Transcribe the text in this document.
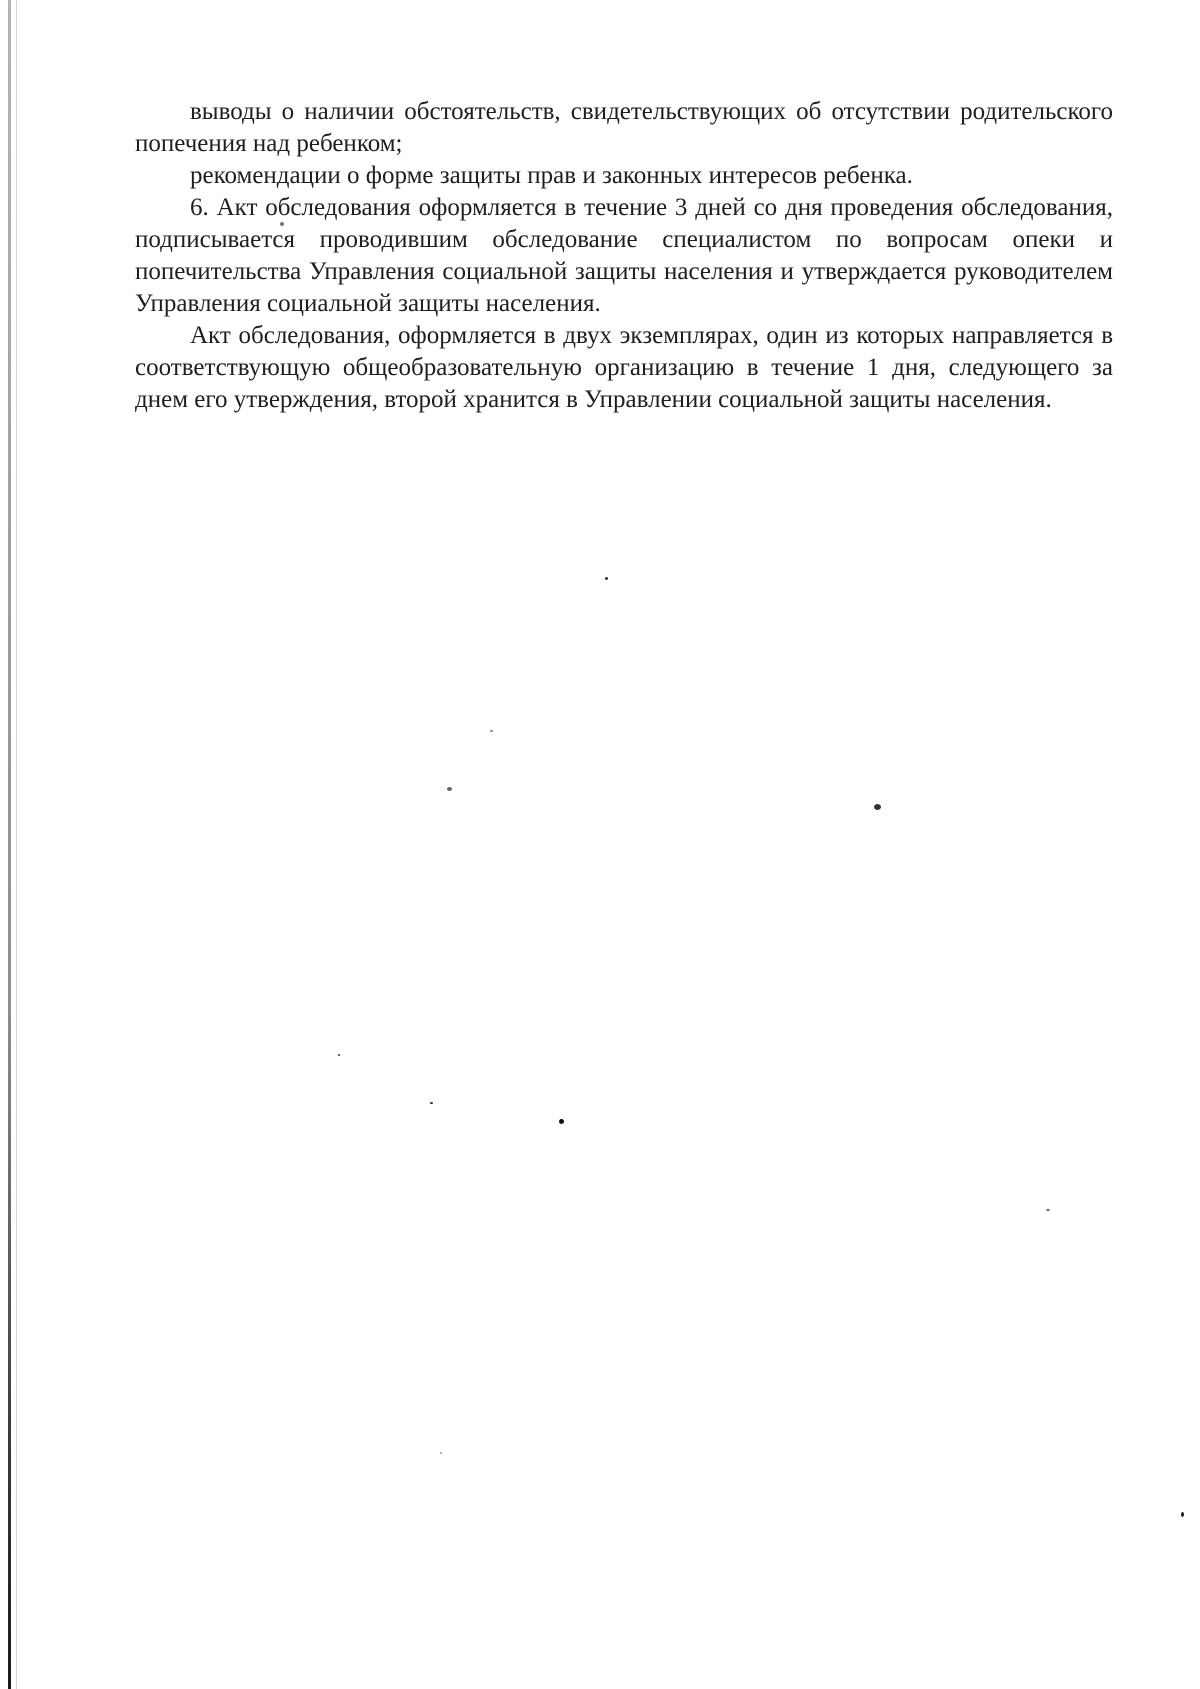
выводы о наличии обстоятельств, свидетельствующих об отсутствии родительского попечения над ребенком;

рекомендации о форме защиты прав и законных интересов ребенка.

6. Акт обследования оформляется в течение 3 дней со дня проведения обследования, подписывается проводившим обследование специалистом по вопросам опеки и попечительства Управления социальной защиты населения и утверждается руководителем Управления социальной защиты населения.

Акт обследования, оформляется в двух экземплярах, один из которых направляется в соответствующую общеобразовательную организацию в течение 1 дня, следующего за днем его утверждения, второй хранится в Управлении социальной защиты населения.
